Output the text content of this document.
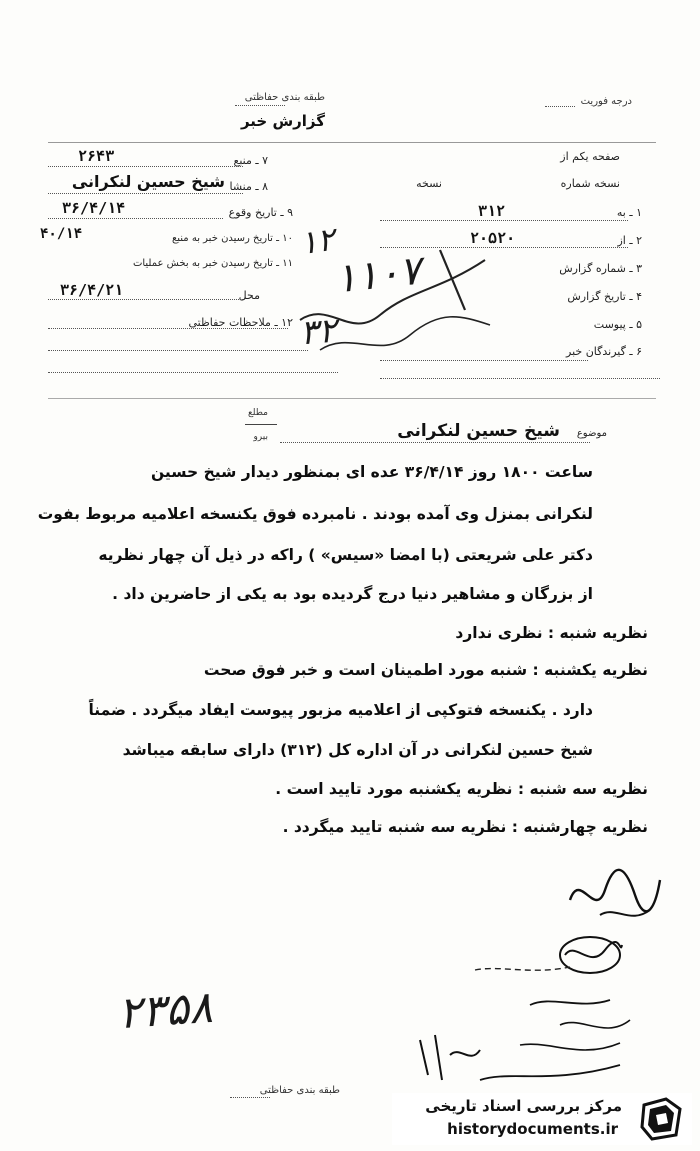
طبقه بندی حفاظتی
گزارش خبر
درجه فوریت
صفحه یکم از
نسخه شماره
نسخه
۱ ـ به
۳۱۲
۲ ـ از
۲۰۵۲۰
۳ ـ شماره گزارش
۴ ـ تاریخ گزارش
۵ ـ پیوست
۶ ـ گیرندگان خبر
۷ ـ منبع
۲۶۴۳
۸ ـ منشا
شیخ حسین لنکرانی
۹ ـ تاریخ وقوع
۳۶/۴/۱۴
۱۰ ـ تاریخ رسیدن خبر به منبع
۴۰/۱۴
۱۱ ـ تاریخ رسیدن خبر به بخش عملیات
محل
۳۶/۴/۲۱
۱۲ ـ ملاحظات حفاظتی
۱۲
۱۱۰۷
۳۲
موضوع
شیخ حسین لنکرانی
مطلع
بیرو
ساعت ۱۸۰۰ روز ۳۶/۴/۱۴ عده ای بمنظور دیدار شیخ حسین
لنکرانی بمنزل وی آمده بودند . نامبرده فوق یکنسخه اعلامیه مربوط بفوت
دکتر علی شریعتی (با امضا «سیس» ) راکه در ذیل آن چهار نظریه
از بزرگان و مشاهیر دنیا درج گردیده بود به یکی از حاضرین داد .
نظریه شنبه : نظری ندارد
نظریه یکشنبه : شنبه مورد اطمینان است و خبر فوق صحت
دارد . یکنسخه فتوکپی از اعلامیه مزبور پیوست ایفاد میگردد . ضمناً
شیخ حسین لنکرانی در آن اداره کل (۳۱۲) دارای سابقه میباشد
نظریه سه شنبه : نظریه یکشنبه مورد تایید است .
نظریه چهارشنبه : نظریه سه شنبه تایید میگردد .
۲۳۵۸
طبقه بندی حفاظتی
مرکز بررسی اسناد تاریخی
historydocuments.ir
